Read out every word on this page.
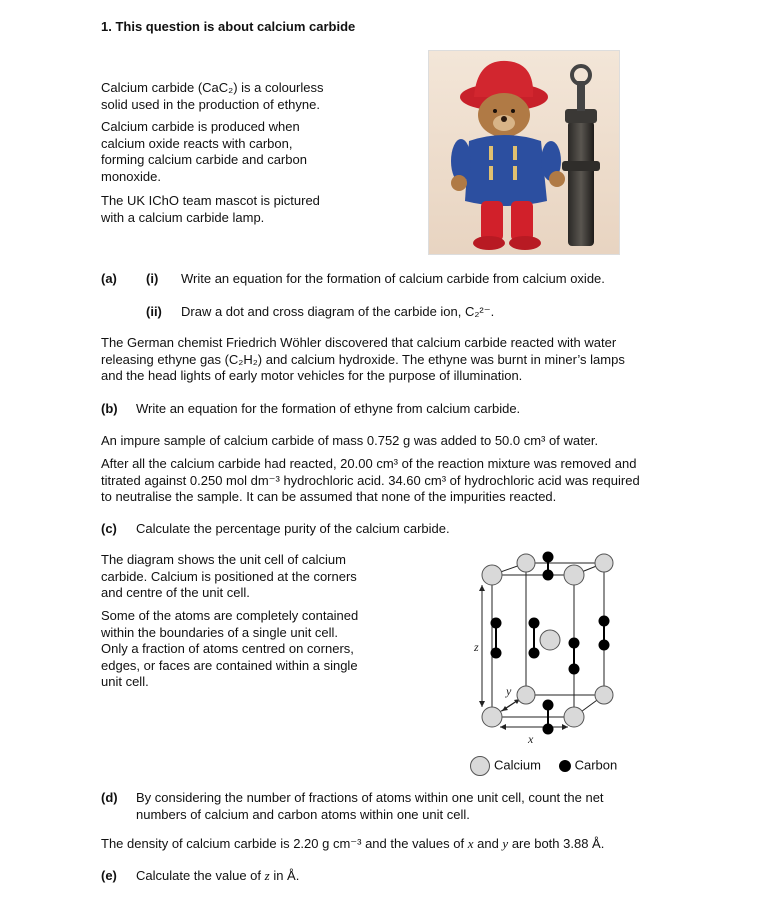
1. This question is about calcium carbide
Calcium carbide (CaC₂) is a colourless
solid used in the production of ethyne.
Calcium carbide is produced when
calcium oxide reacts with carbon,
forming calcium carbide and carbon
monoxide.
The UK IChO team mascot is pictured
with a calcium carbide lamp.
(a) (i) Write an equation for the formation of calcium carbide from calcium oxide.
(ii) Draw a dot and cross diagram of the carbide ion, C₂²⁻.
The German chemist Friedrich Wöhler discovered that calcium carbide reacted with water
releasing ethyne gas (C₂H₂) and calcium hydroxide. The ethyne was burnt in miner’s lamps
and the head lights of early motor vehicles for the purpose of illumination.
(b) Write an equation for the formation of ethyne from calcium carbide.
An impure sample of calcium carbide of mass 0.752 g was added to 50.0 cm³ of water.
After all the calcium carbide had reacted, 20.00 cm³ of the reaction mixture was removed and
titrated against 0.250 mol dm⁻³ hydrochloric acid. 34.60 cm³ of hydrochloric acid was required
to neutralise the sample. It can be assumed that none of the impurities reacted.
(c) Calculate the percentage purity of the calcium carbide.
The diagram shows the unit cell of calcium
carbide. Calcium is positioned at the corners
and centre of the unit cell.
Some of the atoms are completely contained
within the boundaries of a single unit cell.
Only a fraction of atoms centred on corners,
edges, or faces are contained within a single
unit cell.
z
y
x
Calcium	Carbon
(d) By considering the number of fractions of atoms within one unit cell, count the net
numbers of calcium and carbon atoms within one unit cell.
The density of calcium carbide is 2.20 g cm⁻³ and the values of x and y are both 3.88 Å.
(e) Calculate the value of z in Å.
